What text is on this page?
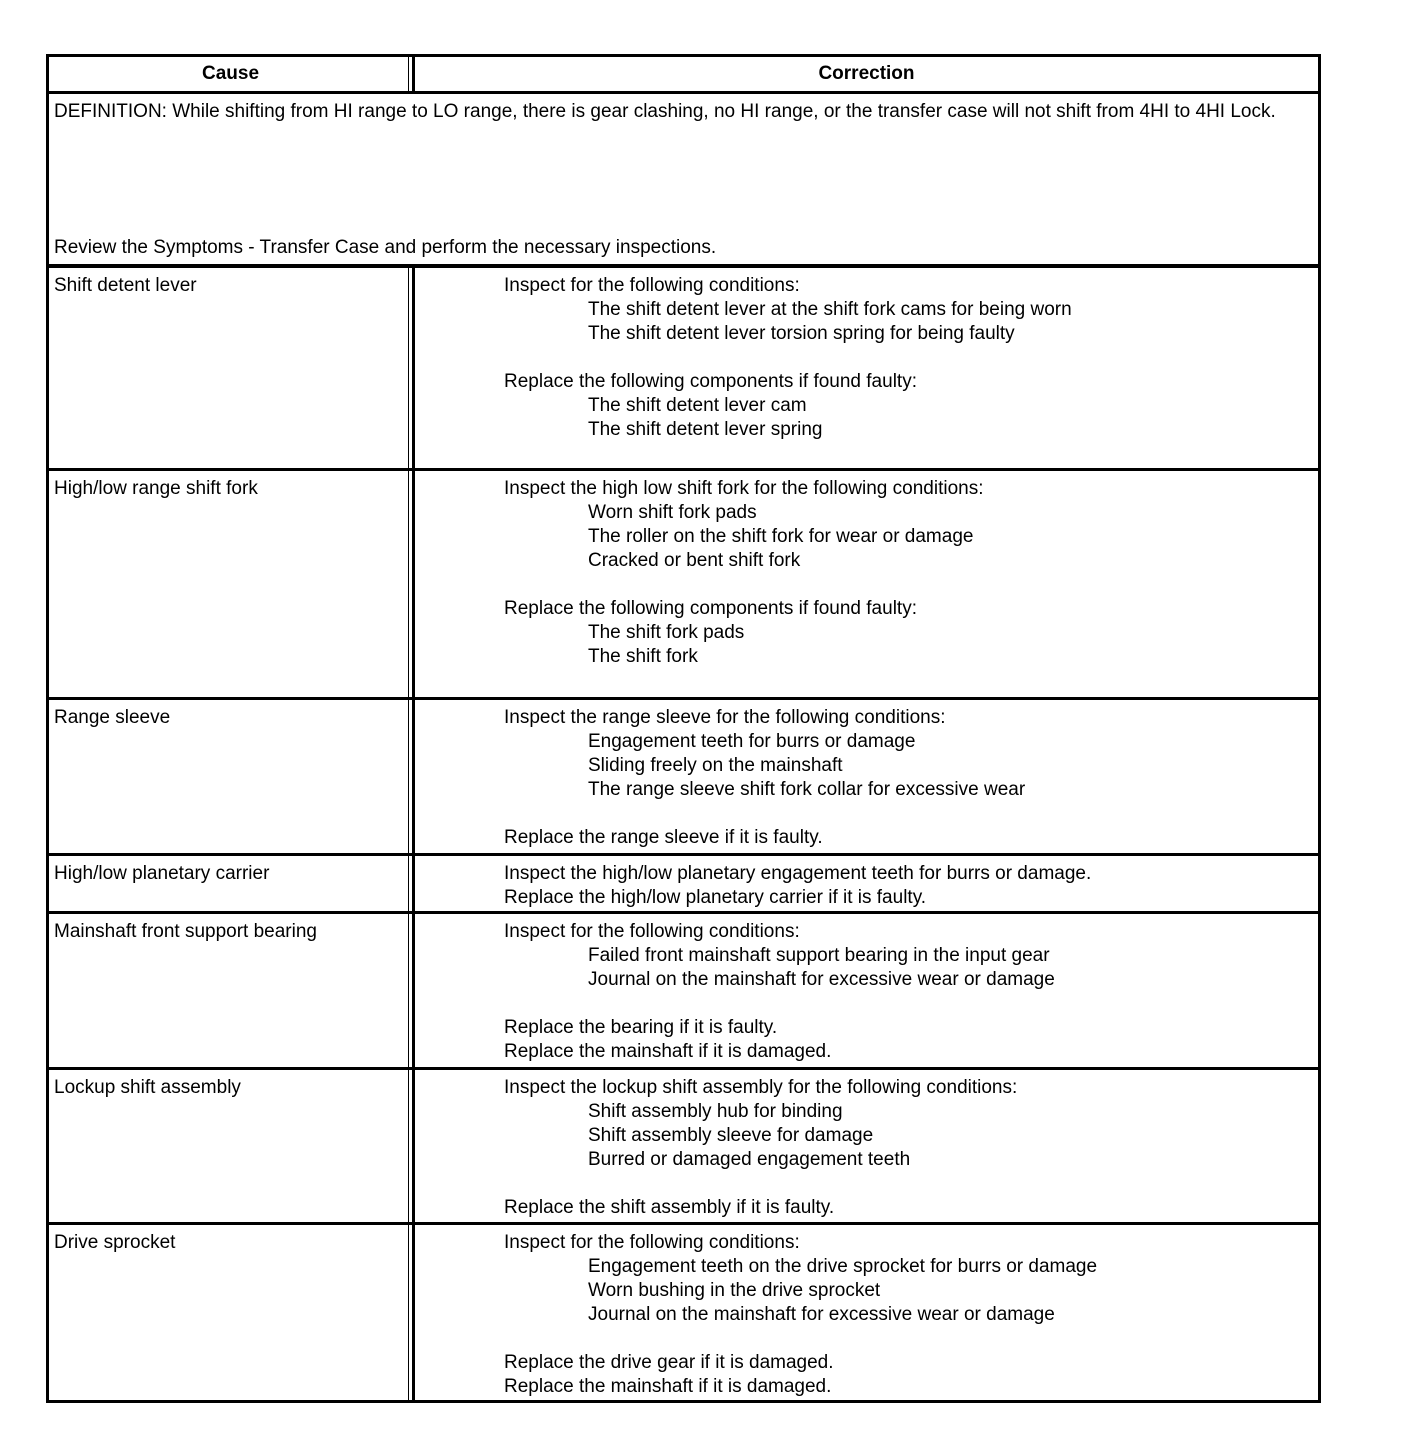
Cause	Correction
DEFINITION: While shifting from HI range to LO range, there is gear clashing, no HI range, or the transfer case will not shift from 4HI to 4HI Lock.
Review the Symptoms - Transfer Case and perform the necessary inspections.
Shift detent lever	Inspect for the following conditions:
The shift detent lever at the shift fork cams for being worn
The shift detent lever torsion spring for being faulty
Replace the following components if found faulty:
The shift detent lever cam
The shift detent lever spring
High/low range shift fork	Inspect the high low shift fork for the following conditions:
Worn shift fork pads
The roller on the shift fork for wear or damage
Cracked or bent shift fork
Replace the following components if found faulty:
The shift fork pads
The shift fork
Range sleeve	Inspect the range sleeve for the following conditions:
Engagement teeth for burrs or damage
Sliding freely on the mainshaft
The range sleeve shift fork collar for excessive wear
Replace the range sleeve if it is faulty.
High/low planetary carrier	Inspect the high/low planetary engagement teeth for burrs or damage.
Replace the high/low planetary carrier if it is faulty.
Mainshaft front support bearing	Inspect for the following conditions:
Failed front mainshaft support bearing in the input gear
Journal on the mainshaft for excessive wear or damage
Replace the bearing if it is faulty.
Replace the mainshaft if it is damaged.
Lockup shift assembly	Inspect the lockup shift assembly for the following conditions:
Shift assembly hub for binding
Shift assembly sleeve for damage
Burred or damaged engagement teeth
Replace the shift assembly if it is faulty.
Drive sprocket	Inspect for the following conditions:
Engagement teeth on the drive sprocket for burrs or damage
Worn bushing in the drive sprocket
Journal on the mainshaft for excessive wear or damage
Replace the drive gear if it is damaged.
Replace the mainshaft if it is damaged.
